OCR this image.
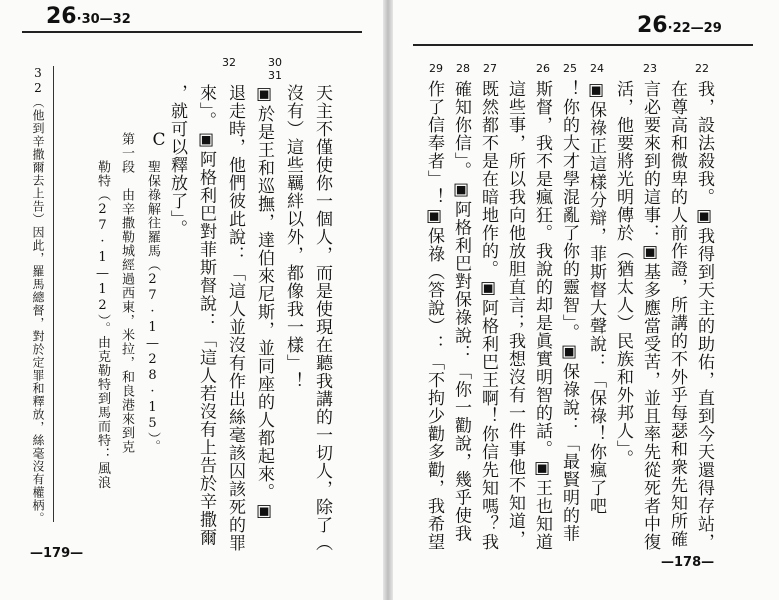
26·30—32
32	30
31
天主不僅使你一個人，而是使現在聽我講的一切人，除了（
沒有）這些羈絆以外，都像我一樣」！
▣於是王和巡撫，達伯來尼斯，並同座的人都起來。▣
退走時，他們彼此說：「這人並沒有作出絲毫該囚該死的罪
來」。▣阿格利巴對菲斯督說：「這人若沒有上告於辛撒爾
，就可以釋放了」。
C
聖保祿解往羅馬（27·1—28·15）。
第一段　由辛撒勒城經過西東，米拉，和良港來到克
勒特（27·1—12）。由克勒特到馬而特：風浪
32（他到辛撒爾去上告）因此，羅馬總督，對於定罪和釋放，絲毫沒有權柄。
—179—
26·22—29
22
23
24
25
26
27
28
29
我，設法殺我。▣我得到天主的助佑，直到今天還得存站，
在尊高和微卑的人前作證，所講的不外乎每瑟和衆先知所確
言必要來到的這事：▣基多應當受苦，並且率先從死者中復
活，他要將光明傳於（猶太人）民族和外邦人」。
▣保祿正這樣分辯，菲斯督大聲說：「保祿！你瘋了吧
！你的大才學混亂了你的靈智」。▣保祿說：「最賢明的菲
斯督，我不是瘋狂。我說的却是眞實明智的話。▣王也知道
這些事，所以我向他放胆直言；我想沒有一件事他不知道，
既然都不是在暗地作的。▣阿格利巴王啊！你信先知嗎？我
確知你信」。▣阿格利巴對保祿說：「你一勸說，幾乎使我
作了信奉者」！▣保祿（答說）：「不拘少勸多勸，我希望
—178—
